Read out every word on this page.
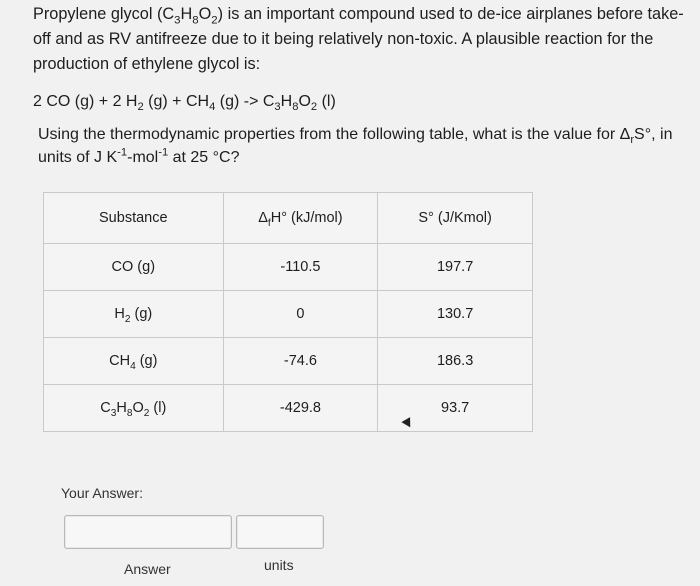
Propylene glycol $(C_3H_8O_2)$ is an important compound used to de-ice airplanes before take-off and as RV antifreeze due to it being relatively non-toxic. A plausible reaction for the production of ethylene glycol is:
2 CO (g) + 2 $H_2$ $(g) + CH_4$ $(g) -> C_3H_8O_2$ (l)
Using the thermodynamic properties from the following table, what is the value for $\Delta_rS^\circ$, in units of J $K^{-1}-mol^{-1}$ at 25 °C?
Substance	$\Delta_fH^\circ$ (kJ/mol)	S° (J/Kmol)
CO (g)	-110.5	197.7
$H_2$ (g)	0	130.7
$CH_4$ (g)	-74.6	186.3
$C_3H_8O_2$ (l)	-429.8	93.7
Your Answer:
Answer	units
